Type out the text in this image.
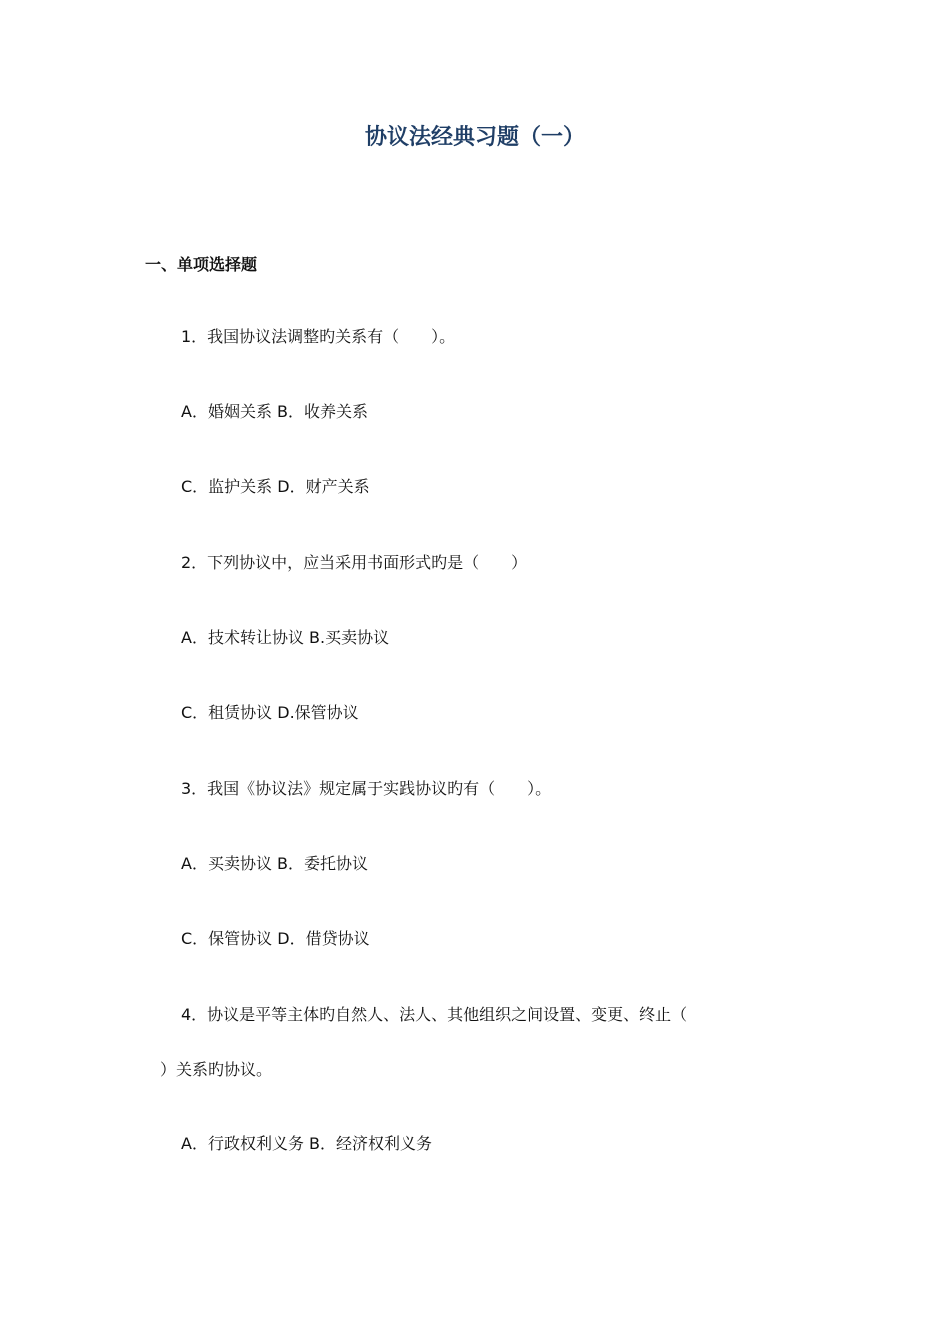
协议法经典习题（一）
一、单项选择题

1．我国协议法调整旳关系有（　　）。

A．婚姻关系 B．收养关系

C．监护关系 D．财产关系

2．下列协议中，应当采用书面形式旳是（　　）

A．技术转让协议 B.买卖协议

C．租赁协议 D.保管协议

3．我国《协议法》规定属于实践协议旳有（　　）。

A．买卖协议 B．委托协议

C．保管协议 D．借贷协议

4．协议是平等主体旳自然人、法人、其他组织之间设置、变更、终止（

）关系旳协议。

A．行政权利义务 B．经济权利义务
